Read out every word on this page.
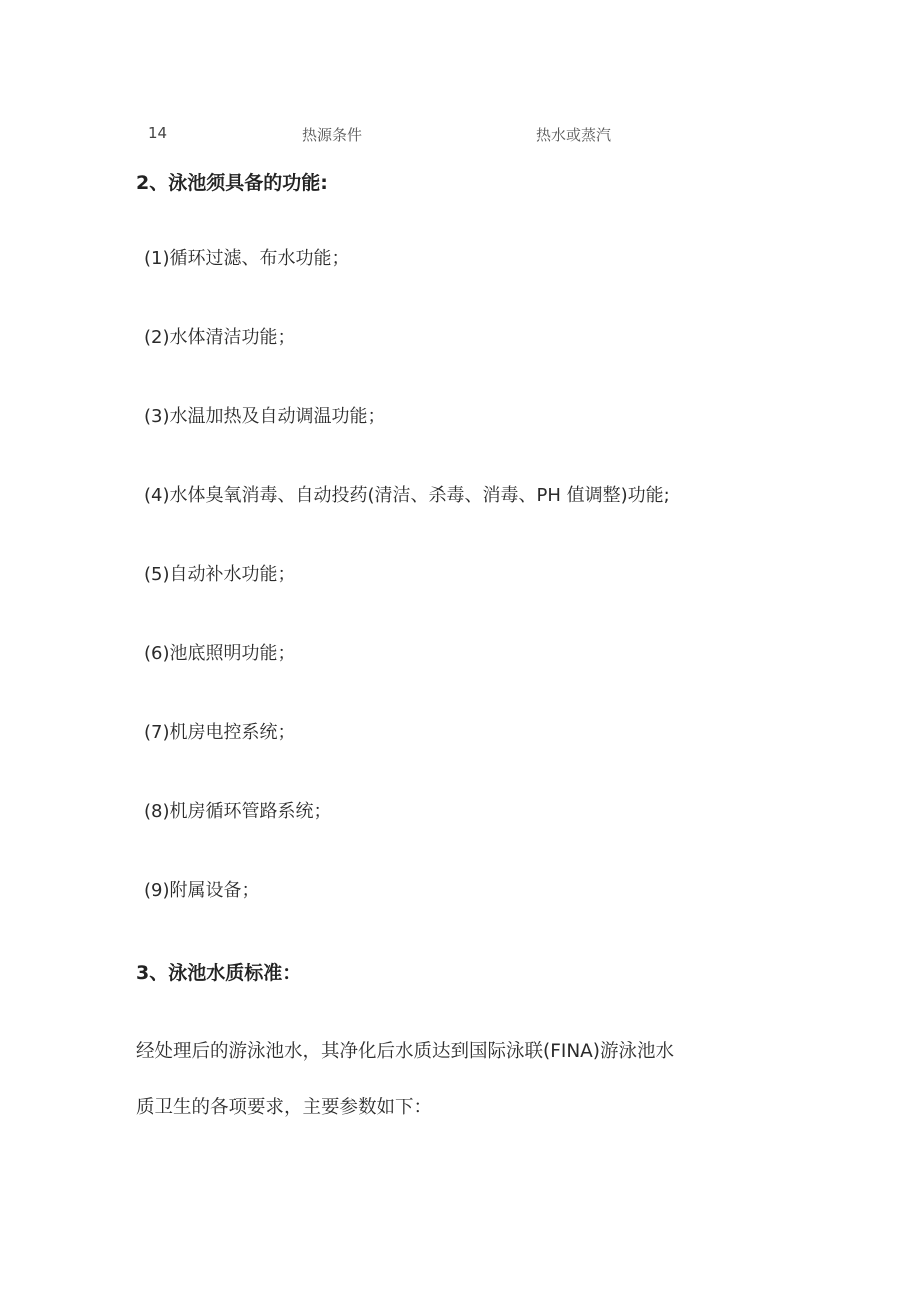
14	热源条件	热水或蒸汽
2、泳池须具备的功能:
(1)循环过滤、布水功能；
(2)水体清洁功能；
(3)水温加热及自动调温功能；
(4)水体臭氧消毒、自动投药(清洁、杀毒、消毒、PH 值调整)功能;
(5)自动补水功能；
(6)池底照明功能；
(7)机房电控系统；
(8)机房循环管路系统；
(9)附属设备；
3、泳池水质标准：
经处理后的游泳池水，其净化后水质达到国际泳联(FINA)游泳池水
质卫生的各项要求，主要参数如下：
